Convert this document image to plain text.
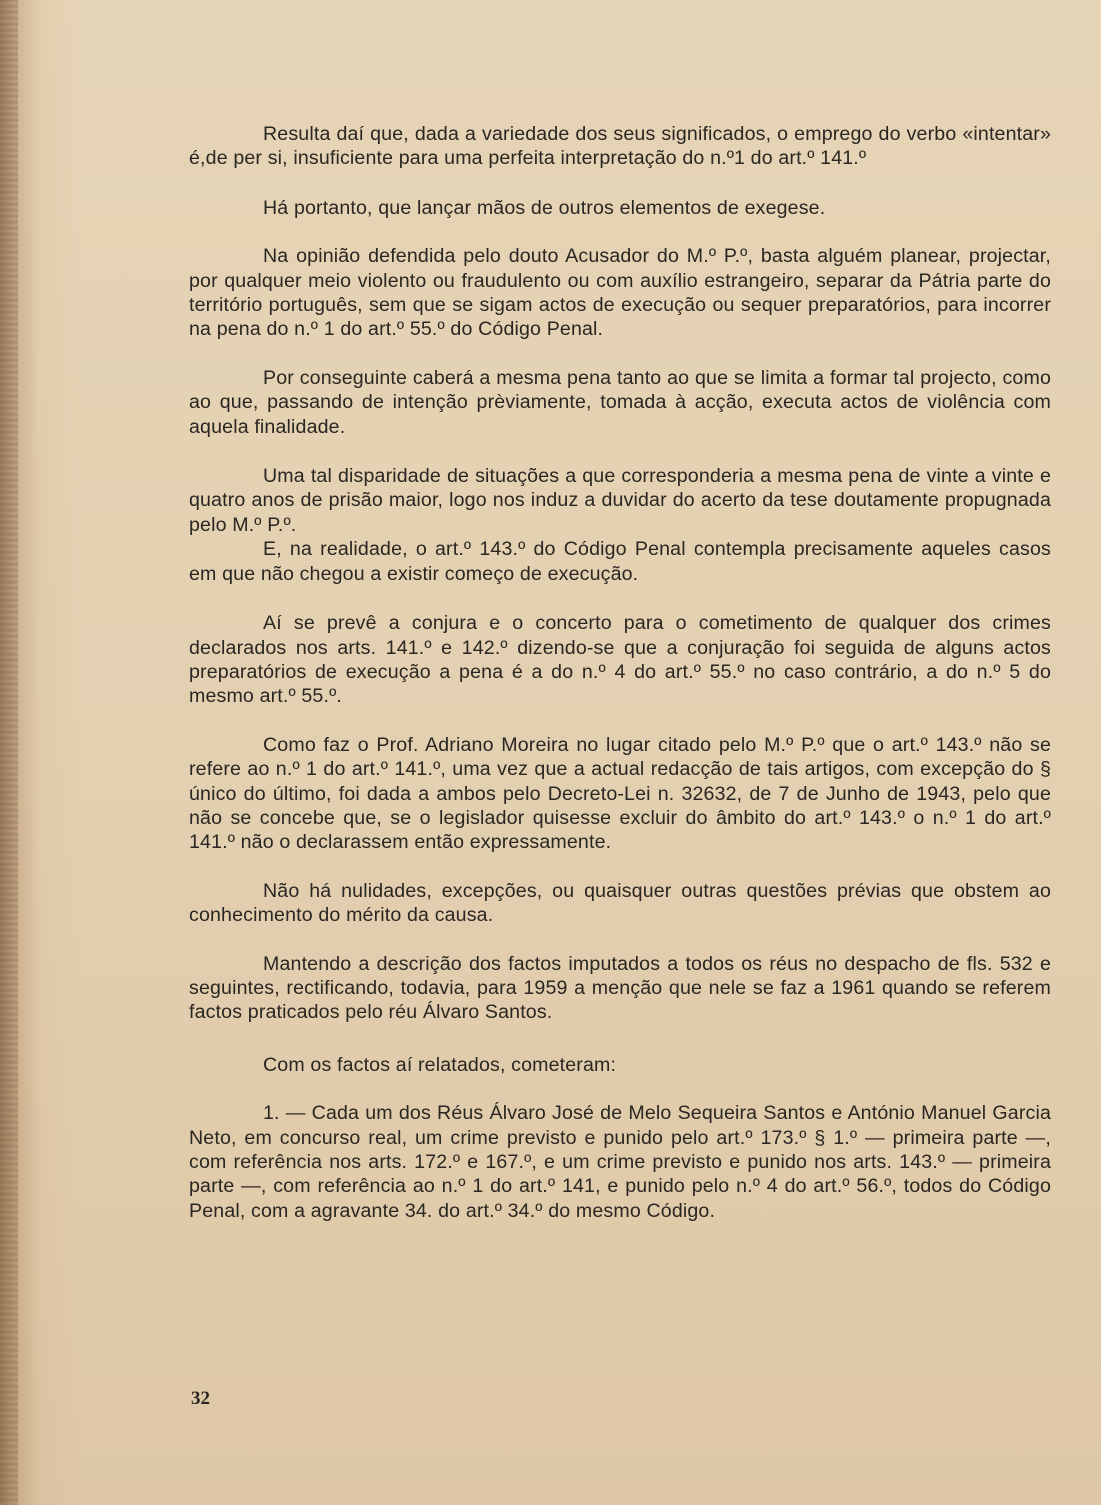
Resulta daí que, dada a variedade dos seus significados, o emprego do verbo «intentar» é,de per si, insuficiente para uma perfeita interpretação do n.º1 do art.º 141.º

Há portanto, que lançar mãos de outros elementos de exegese.

Na opinião defendida pelo douto Acusador do M.º P.º, basta alguém planear, projectar, por qualquer meio violento ou fraudulento ou com auxílio estrangeiro, separar da Pátria parte do território português, sem que se sigam actos de execução ou sequer preparatórios, para incorrer na pena do n.º 1 do art.º 55.º do Código Penal.

Por conseguinte caberá a mesma pena tanto ao que se limita a formar tal projecto, como ao que, passando de intenção prèviamente, tomada à acção, executa actos de violência com aquela finalidade.

Uma tal disparidade de situações a que corresponderia a mesma pena de vinte a vinte e quatro anos de prisão maior, logo nos induz a duvidar do acerto da tese doutamente propugnada pelo M.º P.º.

E, na realidade, o art.º 143.º do Código Penal contempla precisamente aqueles casos em que não chegou a existir começo de execução.

Aí se prevê a conjura e o concerto para o cometimento de qualquer dos crimes declarados nos arts. 141.º e 142.º dizendo-se que a conjuração foi seguida de alguns actos preparatórios de execução a pena é a do n.º 4 do art.º 55.º no caso contrário, a do n.º 5 do mesmo art.º 55.º.

Como faz o Prof. Adriano Moreira no lugar citado pelo M.º P.º que o art.º 143.º não se refere ao n.º 1 do art.º 141.º, uma vez que a actual redacção de tais artigos, com excepção do § único do último, foi dada a ambos pelo Decreto-Lei n. 32632, de 7 de Junho de 1943, pelo que não se concebe que, se o legislador quisesse excluir do âmbito do art.º 143.º o n.º 1 do art.º 141.º não o declarassem então expressamente.

Não há nulidades, excepções, ou quaisquer outras questões prévias que obstem ao conhecimento do mérito da causa.

Mantendo a descrição dos factos imputados a todos os réus no despacho de fls. 532 e seguintes, rectificando, todavia, para 1959 a menção que nele se faz a 1961 quando se referem factos praticados pelo réu Álvaro Santos.

Com os factos aí relatados, cometeram:

1. — Cada um dos Réus Álvaro José de Melo Sequeira Santos e António Manuel Garcia Neto, em concurso real, um crime previsto e punido pelo art.º 173.º § 1.º — primeira parte —, com referência nos arts. 172.º e 167.º, e um crime previsto e punido nos arts. 143.º — primeira parte —, com referência ao n.º 1 do art.º 141, e punido pelo n.º 4 do art.º 56.º, todos do Código Penal, com a agravante 34. do art.º 34.º do mesmo Código.

32
